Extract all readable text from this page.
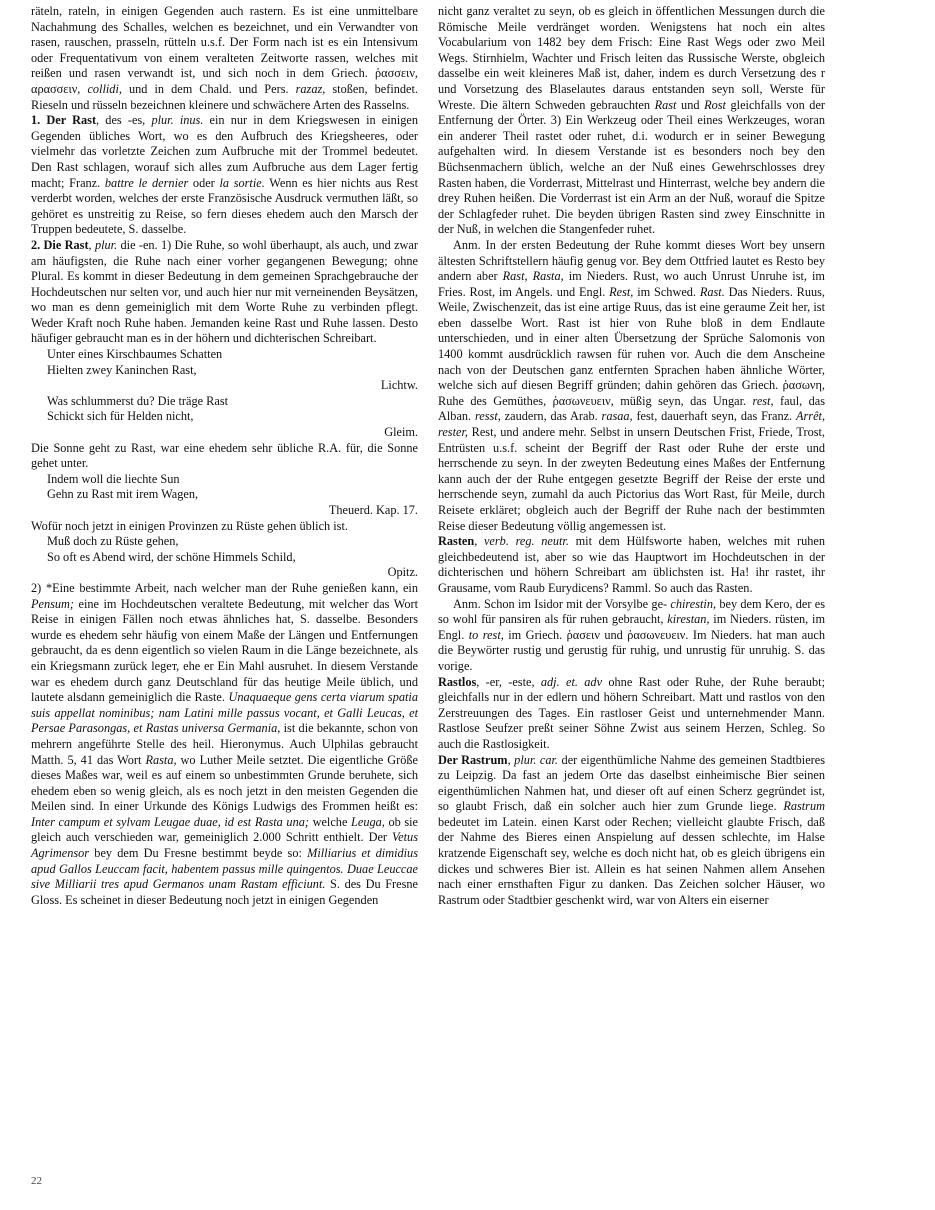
räteln, rateln, in einigen Gegenden auch rastern. Es ist eine unmittelbare Nachahmung des Schalles, welchen es bezeichnet, und ein Verwandter von rasen, rauschen, prasseln, rütteln u.s.f. Der Form nach ist es ein Intensivum oder Frequentativum von einem veralteten Zeitworte rassen, welches mit reißen und rasen verwandt ist, und sich noch in dem Griech. ῥασσειν, αρασσειν, collidi, und in dem Chald. und Pers. razaz, stoßen, befindet. Rieseln und rüsseln bezeichnen kleinere und schwächere Arten des Rasselns.

1. Der Rast, des -es, plur. inus. ein nur in dem Kriegswesen in einigen Gegenden übliches Wort, wo es den Aufbruch des Kriegsheeres, oder vielmehr das vorletzte Zeichen zum Aufbruche mit der Trommel bedeutet. Den Rast schlagen, worauf sich alles zum Aufbruche aus dem Lager fertig macht; Franz. battre le dernier oder la sortie. Wenn es hier nichts aus Rest verderbt worden, welches der erste Französische Ausdruck vermuthen läßt, so gehöret es unstreitig zu Reise, so fern dieses ehedem auch den Marsch der Truppen bedeutete, S. dasselbe.

2. Die Rast, plur. die -en. 1) Die Ruhe, so wohl überhaupt, als auch, und zwar am häufigsten, die Ruhe nach einer vorher gegangenen Bewegung; ohne Plural. Es kommt in dieser Bedeutung in dem gemeinen Sprachgebrauche der Hochdeutschen nur selten vor, und auch hier nur mit verneinenden Beysätzen, wo man es denn gemeiniglich mit dem Worte Ruhe zu verbinden pflegt. Weder Kraft noch Ruhe haben. Jemanden keine Rast und Ruhe lassen. Desto häufiger gebraucht man es in der höhern und dichterischen Schreibart.

Unter eines Kirschbaumes Schatten

Hielten zwey Kaninchen Rast,

Lichtw.

Was schlummerst du? Die träge Rast

Schickt sich für Helden nicht,

Gleim.

Die Sonne geht zu Rast, war eine ehedem sehr übliche R.A. für, die Sonne gehet unter.

Indem woll die liechte Sun

Gehn zu Rast mit irem Wagen,

Theuerd. Kap. 17.

Wofür noch jetzt in einigen Provinzen zu Rüste gehen üblich ist.

Muß doch zu Rüste gehen,

So oft es Abend wird, der schöne Himmels Schild,

Opitz.

2) *Eine bestimmte Arbeit, nach welcher man der Ruhe genießen kann, ein Pensum; eine im Hochdeutschen veraltete Bedeutung, mit welcher das Wort Reise in einigen Fällen noch etwas ähnliches hat, S. dasselbe. Besonders wurde es ehedem sehr häufig von einem Maße der Längen und Entfernungen gebraucht, da es denn eigentlich so vielen Raum in die Länge bezeichnete, als ein Kriegsmann zurück legeт, ehe er Ein Mahl ausruhet. In diesem Verstande war es ehedem durch ganz Deutschland für das heutige Meile üblich, und lautete alsdann gemeiniglich die Raste. Unaquaeque gens certa viarum spatia suis appellat nominibus; nam Latini mille passus vocant, et Galli Leucas, et Persae Parasongas, et Rastas universa Germania, ist die bekannte, schon von mehrern angeführte Stelle des heil. Hieronymus. Auch Ulphilas gebraucht Matth. 5, 41 das Wort Rasta, wo Luther Meile setztet. Die eigentliche Größe dieses Maßes war, weil es auf einem so unbestimmten Grunde beruhete, sich ehedem eben so wenig gleich, als es noch jetzt in den meisten Gegenden die Meilen sind. In einer Urkunde des Königs Ludwigs des Frommen heißt es: Inter campum et sylvam Leugae duae, id est Rasta una; welche Leuga, ob sie gleich auch verschieden war, gemeiniglich 2.000 Schritt enthielt. Der Vetus Agrimensor bey dem Du Fresne bestimmt beyde so: Milliarius et dimidius apud Gallos Leuccam facit, habentem passus mille quingentos. Duae Leuccae sive Milliarii tres apud Germanos unam Rastam efficiunt. S. des Du Fresne Gloss. Es scheinet in dieser Bedeutung noch jetzt in einigen Gegenden

nicht ganz veraltet zu seyn, ob es gleich in öffentlichen Messungen durch die Römische Meile verdränget worden. Wenigstens hat noch ein altes Vocabularium von 1482 bey dem Frisch: Eine Rast Wegs oder zwo Meil Wegs. Stirnhielm, Wachter und Frisch leiten das Russische Werste, obgleich dasselbe ein weit kleineres Maß ist, daher, indem es durch Versetzung des r und Vorsetzung des Blaselautes daraus entstanden seyn soll, Werste für Wreste. Die ältern Schweden gebrauchten Rast und Rost gleichfalls von der Entfernung der Örter. 3) Ein Werkzeug oder Theil eines Werkzeuges, woran ein anderer Theil rastet oder ruhet, d.i. wodurch er in seiner Bewegung aufgehalten wird. In diesem Verstande ist es besonders noch bey den Büchsenmachern üblich, welche an der Nuß eines Gewehrschlosses drey Rasten haben, die Vorderrast, Mittelrast und Hinterrast, welche bey andern die drey Ruhen heißen. Die Vorderrast ist ein Arm an der Nuß, worauf die Spitze der Schlagfeder ruhet. Die beyden übrigen Rasten sind zwey Einschnitte in der Nuß, in welchen die Stangenfeder ruhet.

Anm. In der ersten Bedeutung der Ruhe kommt dieses Wort bey unsern ältesten Schriftstellern häufig genug vor. Bey dem Ottfried lautet es Resto bey andern aber Rast, Rasta, im Nieders. Rust, wo auch Unrust Unruhe ist, im Fries. Rost, im Angels. und Engl. Rest, im Schwed. Rast. Das Nieders. Ruus, Weile, Zwischenzeit, das ist eine artige Ruus, das ist eine geraume Zeit her, ist eben dasselbe Wort. Rast ist hier von Ruhe bloß in dem Endlaute unterschieden, und in einer alten Übersetzung der Sprüche Salomonis von 1400 kommt ausdrücklich rawsen für ruhen vor. Auch die dem Anscheine nach von der Deutschen ganz entfernten Sprachen haben ähnliche Wörter, welche sich auf diesen Begriff gründen; dahin gehören das Griech. ῥασωνη, Ruhe des Gemüthes, ῥασωνευειν, müßig seyn, das Ungar. rest, faul, das Alban. resst, zaudern, das Arab. rasaa, fest, dauerhaft seyn, das Franz. Arrêt, rester, Rest, und andere mehr. Selbst in unsern Deutschen Frist, Friede, Trost, Entrüsten u.s.f. scheint der Begriff der Rast oder Ruhe der erste und herrschende zu seyn. In der zweyten Bedeutung eines Maßes der Entfernung kann auch der der Ruhe entgegen gesetzte Begriff der Reise der erste und herrschende seyn, zumahl da auch Pictorius das Wort Rast, für Meile, durch Reisete erkläret; obgleich auch der Begriff der Ruhe nach der bestimmten Reise dieser Bedeutung völlig angemessen ist.

Rasten, verb. reg. neutr. mit dem Hülfsworte haben, welches mit ruhen gleichbedeutend ist, aber so wie das Hauptwort im Hochdeutschen in der dichterischen und höhern Schreibart am üblichsten ist. Ha! ihr rastet, ihr Grausame, vom Raub Eurydicens? Ramml. So auch das Rasten.

Anm. Schon im Isidor mit der Vorsylbe ge- chirestin, bey dem Kero, der es so wohl für pansiren als für ruhen gebraucht, kirestan, im Nieders. rüsten, im Engl. to rest, im Griech. ῥασειν und ῥασωνευειν. Im Nieders. hat man auch die Beywörter rustig und gerustig für ruhig, und unrustig für unruhig. S. das vorige.

Rastlos, -er, -este, adj. et. adv ohne Rast oder Ruhe, der Ruhe beraubt; gleichfalls nur in der edlern und höhern Schreibart. Matt und rastlos von den Zerstreuungen des Tages. Ein rastloser Geist und unternehmender Mann. Rastlose Seufzer preßt seiner Söhne Zwist aus seinem Herzen, Schleg. So auch die Rastlosigkeit.

Der Rastrum, plur. car. der eigenthümliche Nahme des gemeinen Stadtbieres zu Leipzig. Da fast an jedem Orte das daselbst einheimische Bier seinen eigenthümlichen Nahmen hat, und dieser oft auf einen Scherz gegründet ist, so glaubt Frisch, daß ein solcher auch hier zum Grunde liege. Rastrum bedeutet im Latein. einen Karst oder Rechen; vielleicht glaubte Frisch, daß der Nahme des Bieres einen Anspielung auf dessen schlechte, im Halse kratzende Eigenschaft sey, welche es doch nicht hat, ob es gleich übrigens ein dickes und schweres Bier ist. Allein es hat seinen Nahmen allem Ansehen nach einer ernsthaften Figur zu danken. Das Zeichen solcher Häuser, wo Rastrum oder Stadtbier geschenkt wird, war von Alters ein eiserner

22
